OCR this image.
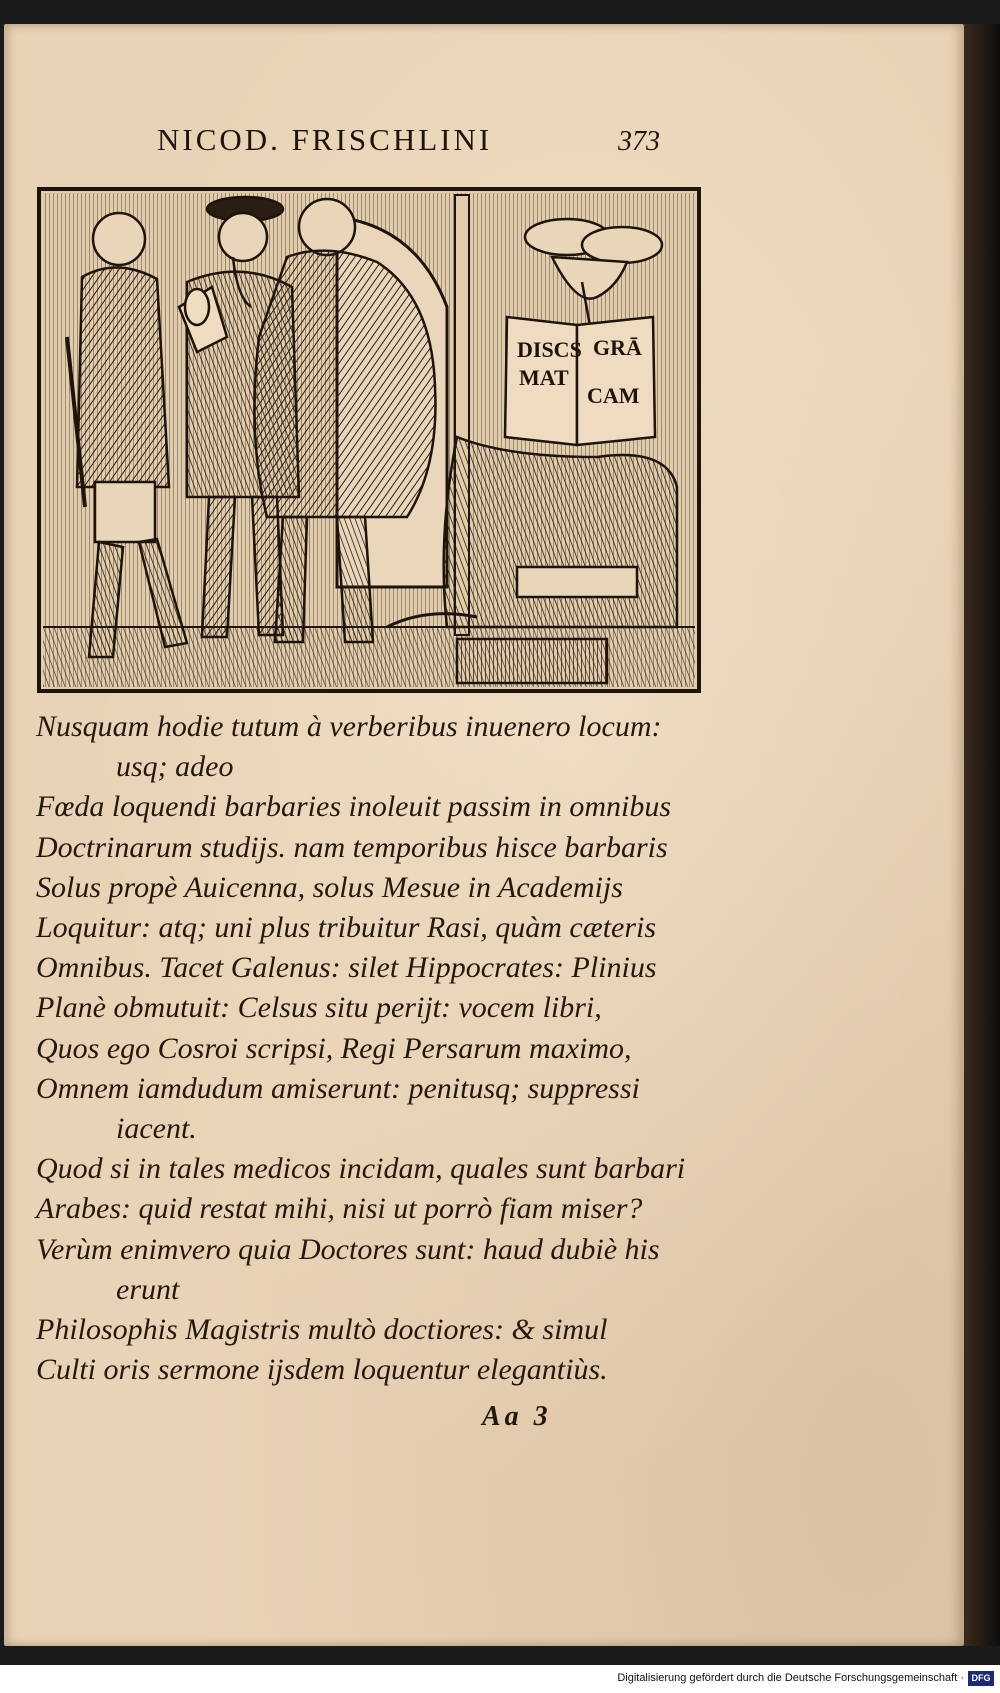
NICOD. FRISCHLINI	373
DISCS
MAT
GRĀ
CAM
Nusquam hodie tutum à verberibus inuenero locum:
usq; adeo
Fœda loquendi barbaries inoleuit passim in omnibus
Doctrinarum studijs. nam temporibus hisce barbaris
Solus propè Auicenna, solus Mesue in Academijs
Loquitur: atq; uni plus tribuitur Rasi, quàm cæteris
Omnibus. Tacet Galenus: silet Hippocrates: Plinius
Planè obmutuit: Celsus situ perijt: vocem libri,
Quos ego Cosroi scripsi, Regi Persarum maximo,
Omnem iamdudum amiserunt: penitusq; suppressi
iacent.
Quod si in tales medicos incidam, quales sunt barbari
Arabes: quid restat mihi, nisi ut porrò fiam miser?
Verùm enimvero quia Doctores sunt: haud dubiè his
erunt
Philosophis Magistris multò doctiores: & simul
Culti oris sermone ijsdem loquentur elegantiùs.
Aa 3
Digitalisierung gefördert durch die Deutsche Forschungsgemeinschaft · DFG
